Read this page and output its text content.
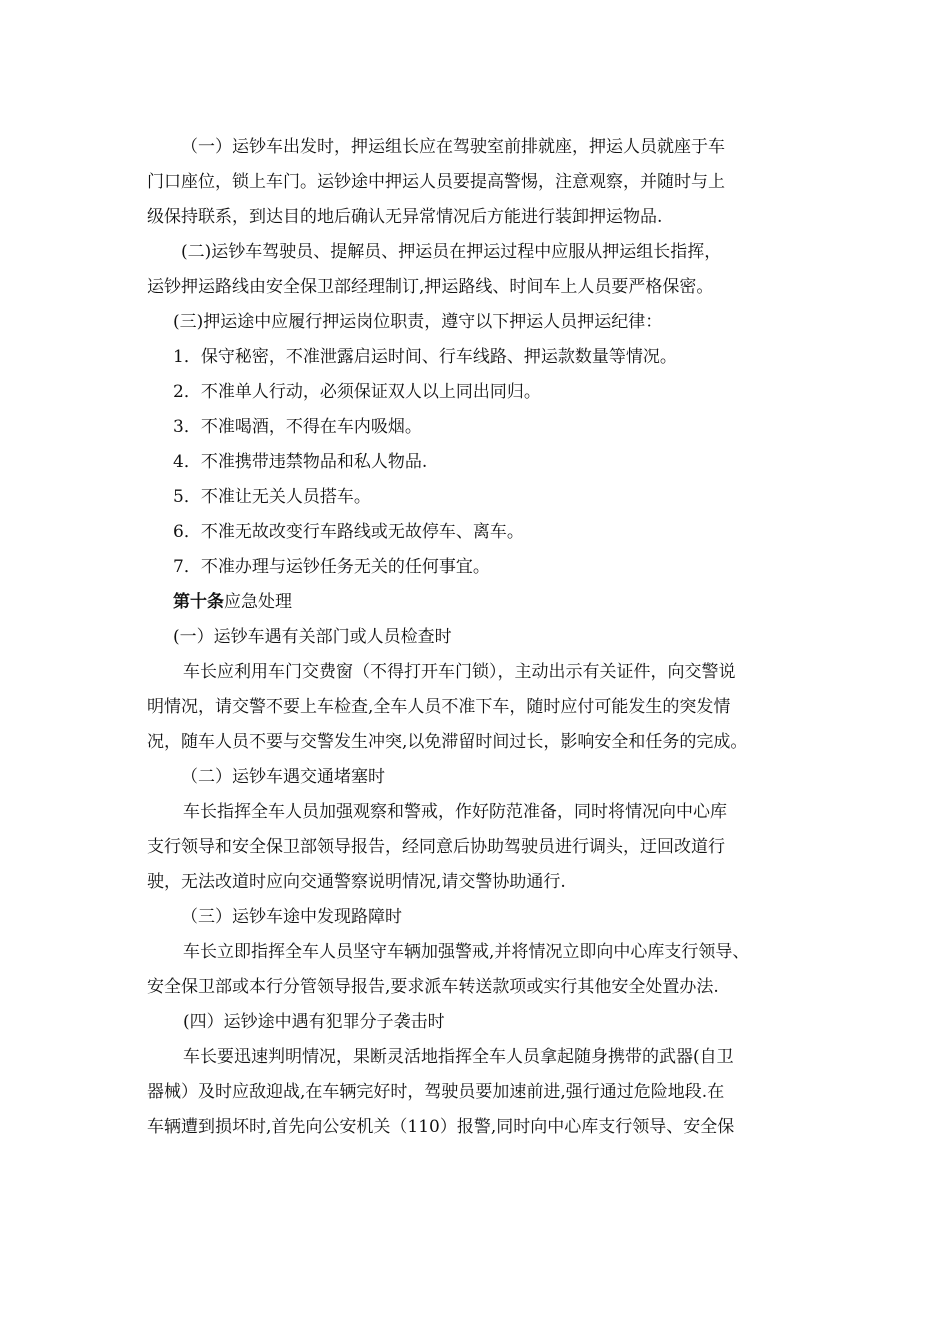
（一）运钞车出发时，押运组长应在驾驶室前排就座，押运人员就座于车
门口座位，锁上车门。运钞途中押运人员要提高警惕，注意观察，并随时与上
级保持联系，到达目的地后确认无异常情况后方能进行装卸押运物品.
(二)运钞车驾驶员、提解员、押运员在押运过程中应服从押运组长指挥，
运钞押运路线由安全保卫部经理制订,押运路线、时间车上人员要严格保密。
(三)押运途中应履行押运岗位职责，遵守以下押运人员押运纪律：
1．保守秘密，不准泄露启运时间、行车线路、押运款数量等情况。
2．不准单人行动，必须保证双人以上同出同归。
3．不准喝酒，不得在车内吸烟。
4．不准携带违禁物品和私人物品.
5．不准让无关人员搭车。
6．不准无故改变行车路线或无故停车、离车。
7．不准办理与运钞任务无关的任何事宜。
第十条应急处理
(一）运钞车遇有关部门或人员检查时
车长应利用车门交费窗（不得打开车门锁），主动出示有关证件，向交警说
明情况，请交警不要上车检查,全车人员不准下车，随时应付可能发生的突发情
况，随车人员不要与交警发生冲突,以免滞留时间过长，影响安全和任务的完成。
（二）运钞车遇交通堵塞时
车长指挥全车人员加强观察和警戒，作好防范准备，同时将情况向中心库
支行领导和安全保卫部领导报告，经同意后协助驾驶员进行调头，迂回改道行
驶，无法改道时应向交通警察说明情况,请交警协助通行.
（三）运钞车途中发现路障时
车长立即指挥全车人员坚守车辆加强警戒,并将情况立即向中心库支行领导、
安全保卫部或本行分管领导报告,要求派车转送款项或实行其他安全处置办法.
(四）运钞途中遇有犯罪分子袭击时
车长要迅速判明情况，果断灵活地指挥全车人员拿起随身携带的武器(自卫
器械）及时应敌迎战,在车辆完好时，驾驶员要加速前进,强行通过危险地段.在
车辆遭到损坏时,首先向公安机关（110）报警,同时向中心库支行领导、安全保
